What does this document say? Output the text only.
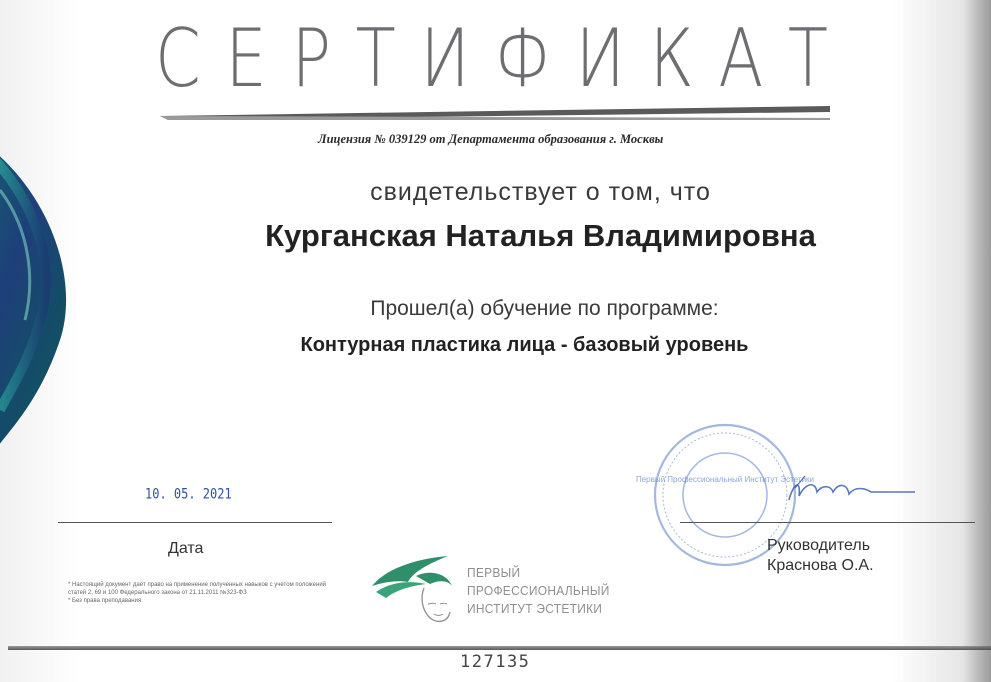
СЕРТИФИКАТ
Лицензия № 039129 от Департамента образования г. Москвы
свидетельствует о том, что
Курганская Наталья Владимировна
Прошел(а) обучение по программе:
Контурная пластика лица - базовый уровень
10. 05. 2021
Дата

* Настоящий документ даёт право на применение полученных навыков с учетом положений статей 2, 69 и 100 Федерального закона от 21.11.2011 №323-ФЗ

* Без права преподавания

ПЕРВЫЙ
ПРОФЕССИОНАЛЬНЫЙ
ИНСТИТУТ ЭСТЕТИКИ
Первый Профессиональный Институт Эстетики
Руководитель
Краснова О.А.
127135
